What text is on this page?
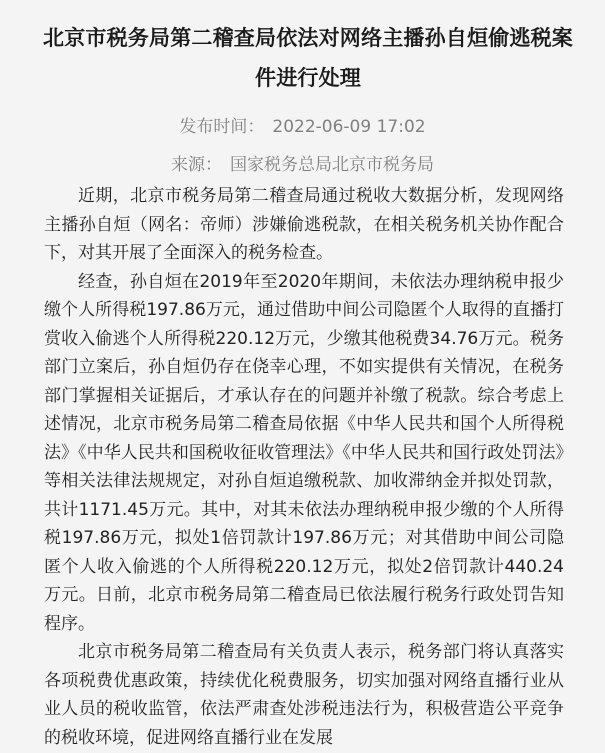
北京市税务局第二稽查局依法对网络主播孙自烜偷逃税案件进行处理
发布时间： 2022-06-09 17:02
来源： 国家税务总局北京市税务局

近期，北京市税务局第二稽查局通过税收大数据分析，发现网络主播孙自烜（网名：帝师）涉嫌偷逃税款，在相关税务机关协作配合下，对其开展了全面深入的税务检查。

经查，孙自烜在2019年至2020年期间，未依法办理纳税申报少缴个人所得税197.86万元，通过借助中间公司隐匿个人取得的直播打赏收入偷逃个人所得税220.12万元，少缴其他税费34.76万元。税务部门立案后，孙自烜仍存在侥幸心理，不如实提供有关情况，在税务部门掌握相关证据后，才承认存在的问题并补缴了税款。综合考虑上述情况，北京市税务局第二稽查局依据《中华人民共和国个人所得税法》《中华人民共和国税收征收管理法》《中华人民共和国行政处罚法》等相关法律法规规定，对孙自烜追缴税款、加收滞纳金并拟处罚款，共计1171.45万元。其中，对其未依法办理纳税申报少缴的个人所得税197.86万元，拟处1倍罚款计197.86万元；对其借助中间公司隐匿个人收入偷逃的个人所得税220.12万元，拟处2倍罚款计440.24万元。日前，北京市税务局第二稽查局已依法履行税务行政处罚告知程序。

北京市税务局第二稽查局有关负责人表示，税务部门将认真落实各项税费优惠政策，持续优化税费服务，切实加强对网络直播行业从业人员的税收监管，依法严肃查处涉税违法行为，积极营造公平竞争的税收环境，促进网络直播行业在发展
